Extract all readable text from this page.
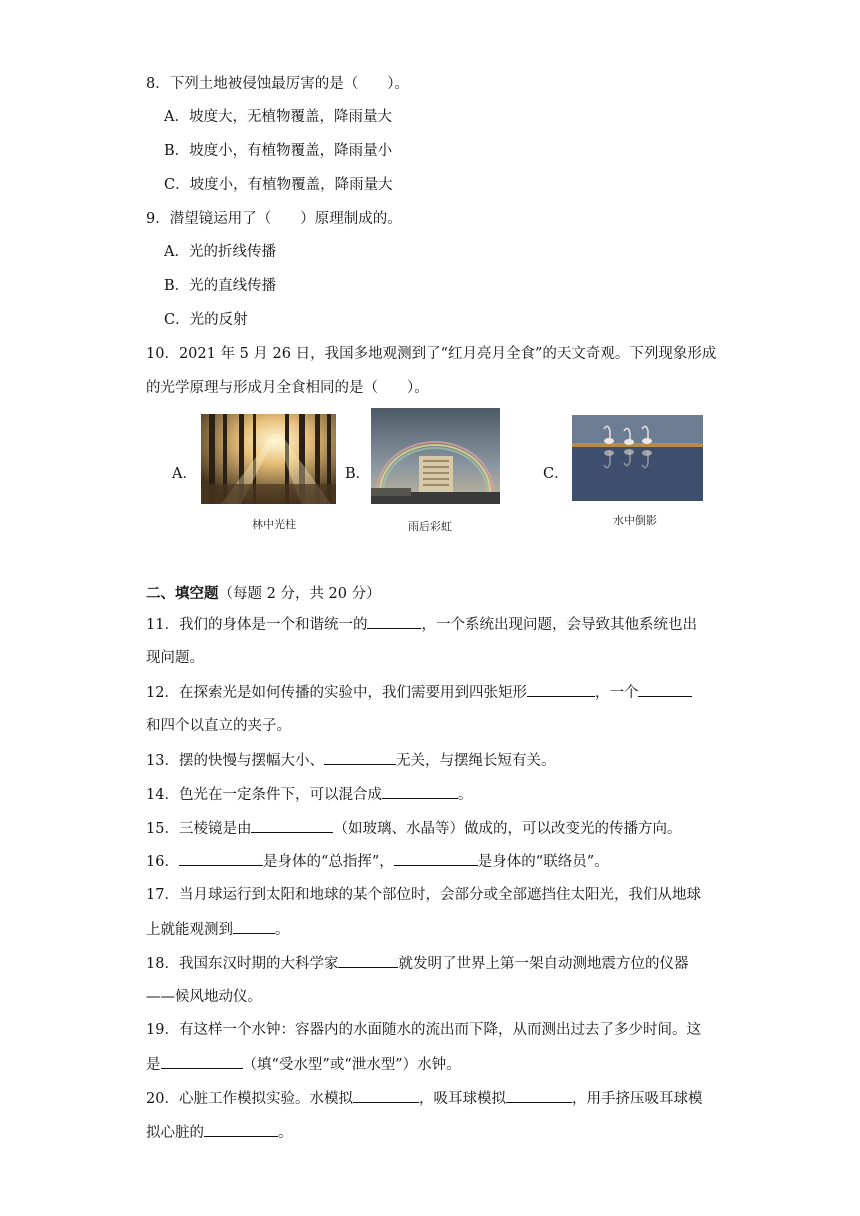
8．下列土地被侵蚀最厉害的是（　　）。
A．坡度大，无植物覆盖，降雨量大
B．坡度小，有植物覆盖，降雨量小
C．坡度小，有植物覆盖，降雨量大
9．潜望镜运用了（　　）原理制成的。
A．光的折线传播
B．光的直线传播
C．光的反射
10．2021 年 5 月 26 日，我国多地观测到了“红月亮月全食”的天文奇观。下列现象形成
的光学原理与形成月全食相同的是（　　）。
A．
林中光柱
B．
雨后彩虹
C．
水中倒影
二、填空题（每题 2 分，共 20 分）
11．我们的身体是一个和谐统一的	，一个系统出现问题，会导致其他系统也出
现问题。
12．在探索光是如何传播的实验中，我们需要用到四张矩形	，一个
和四个以直立的夹子。
13．摆的快慢与摆幅大小、	无关，与摆绳长短有关。
14．色光在一定条件下，可以混合成	。
15．三棱镜是由	（如玻璃、水晶等）做成的，可以改变光的传播方向。
16．	是身体的“总指挥”，	是身体的“联络员”。
17．当月球运行到太阳和地球的某个部位时，会部分或全部遮挡住太阳光，我们从地球
上就能观测到	。
18．我国东汉时期的大科学家	就发明了世界上第一架自动测地震方位的仪器
——候风地动仪。
19．有这样一个水钟：容器内的水面随水的流出而下降，从而测出过去了多少时间。这
是	（填“受水型”或“泄水型”）水钟。
20．心脏工作模拟实验。水模拟	，吸耳球模拟	，用手挤压吸耳球模
拟心脏的	。
